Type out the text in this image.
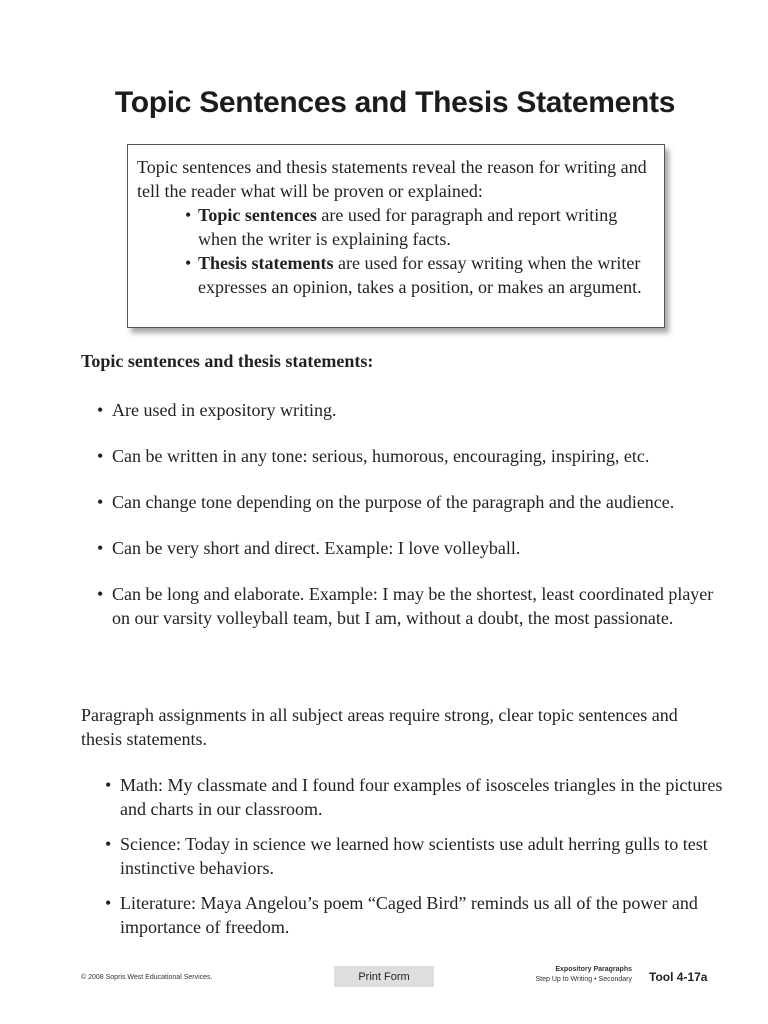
Topic Sentences and Thesis Statements
Topic sentences and thesis statements reveal the reason for writing and tell the reader what will be proven or explained:
• Topic sentences are used for paragraph and report writing when the writer is explaining facts.
• Thesis statements are used for essay writing when the writer expresses an opinion, takes a position, or makes an argument.
Topic sentences and thesis statements:
• Are used in expository writing.
• Can be written in any tone: serious, humorous, encouraging, inspiring, etc.
• Can change tone depending on the purpose of the paragraph and the audience.
• Can be very short and direct. Example: I love volleyball.
• Can be long and elaborate. Example: I may be the shortest, least coordinated player on our varsity volleyball team, but I am, without a doubt, the most passionate.

Paragraph assignments in all subject areas require strong, clear topic sentences and thesis statements.

• Math: My classmate and I found four examples of isosceles triangles in the pictures and charts in our classroom.
• Science: Today in science we learned how scientists use adult herring gulls to test instinctive behaviors.
• Literature: Maya Angelou’s poem “Caged Bird” reminds us all of the power and importance of freedom.

© 2008 Sopris West Educational Services.	Print Form
Expository Paragraphs
Step Up to Writing • Secondary Tool 4-17a
